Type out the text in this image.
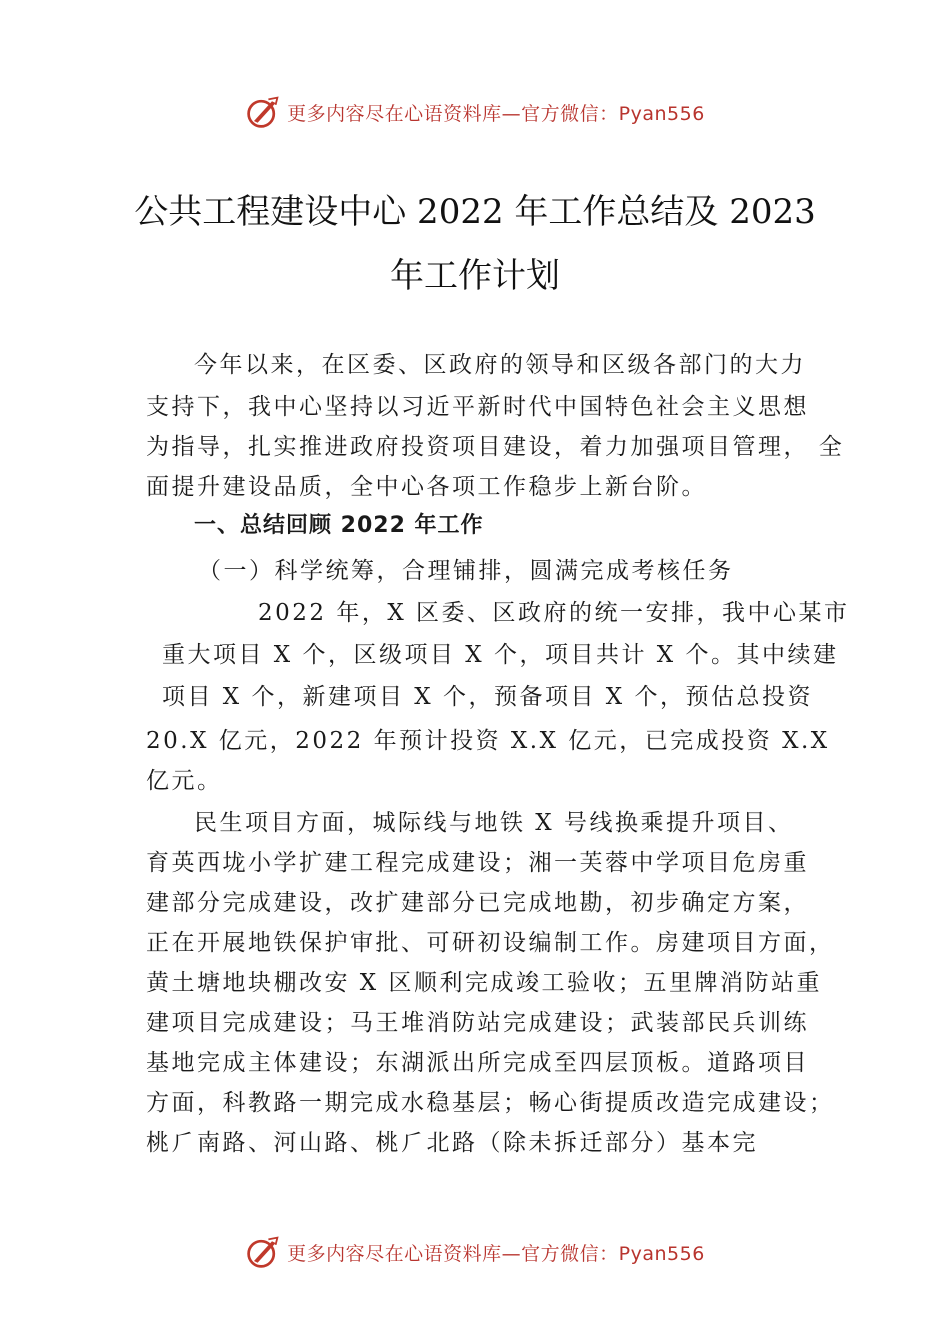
更多内容尽在心语资料库—官方微信：Pyan556
公共工程建设中心 2022 年工作总结及 2023
年工作计划
今年以来，在区委、区政府的领导和区级各部门的大力
支持下，我中心坚持以习近平新时代中国特色社会主义思想
为指导，扎实推进政府投资项目建设，着力加强项目管理， 全
面提升建设品质，全中心各项工作稳步上新台阶。
一、总结回顾 2022 年工作
（一）科学统筹，合理铺排，圆满完成考核任务
2022 年，X 区委、区政府的统一安排，我中心某市
重大项目 X 个，区级项目 X 个，项目共计 X 个。其中续建
项目 X 个，新建项目 X 个，预备项目 X 个，预估总投资
20.X 亿元，2022 年预计投资 X.X 亿元，已完成投资 X.X
亿元。
民生项目方面，城际线与地铁 X 号线换乘提升项目、
育英西垅小学扩建工程完成建设；湘一芙蓉中学项目危房重
建部分完成建设，改扩建部分已完成地勘，初步确定方案，
正在开展地铁保护审批、可研初设编制工作。房建项目方面，
黄土塘地块棚改安 X 区顺利完成竣工验收；五里牌消防站重
建项目完成建设；马王堆消防站完成建设；武装部民兵训练
基地完成主体建设；东湖派出所完成至四层顶板。道路项目
方面，科教路一期完成水稳基层；畅心街提质改造完成建设；
桃⺁南路、河山路、桃⺁北路（除未拆迁部分）基本完
更多内容尽在心语资料库—官方微信：Pyan556
